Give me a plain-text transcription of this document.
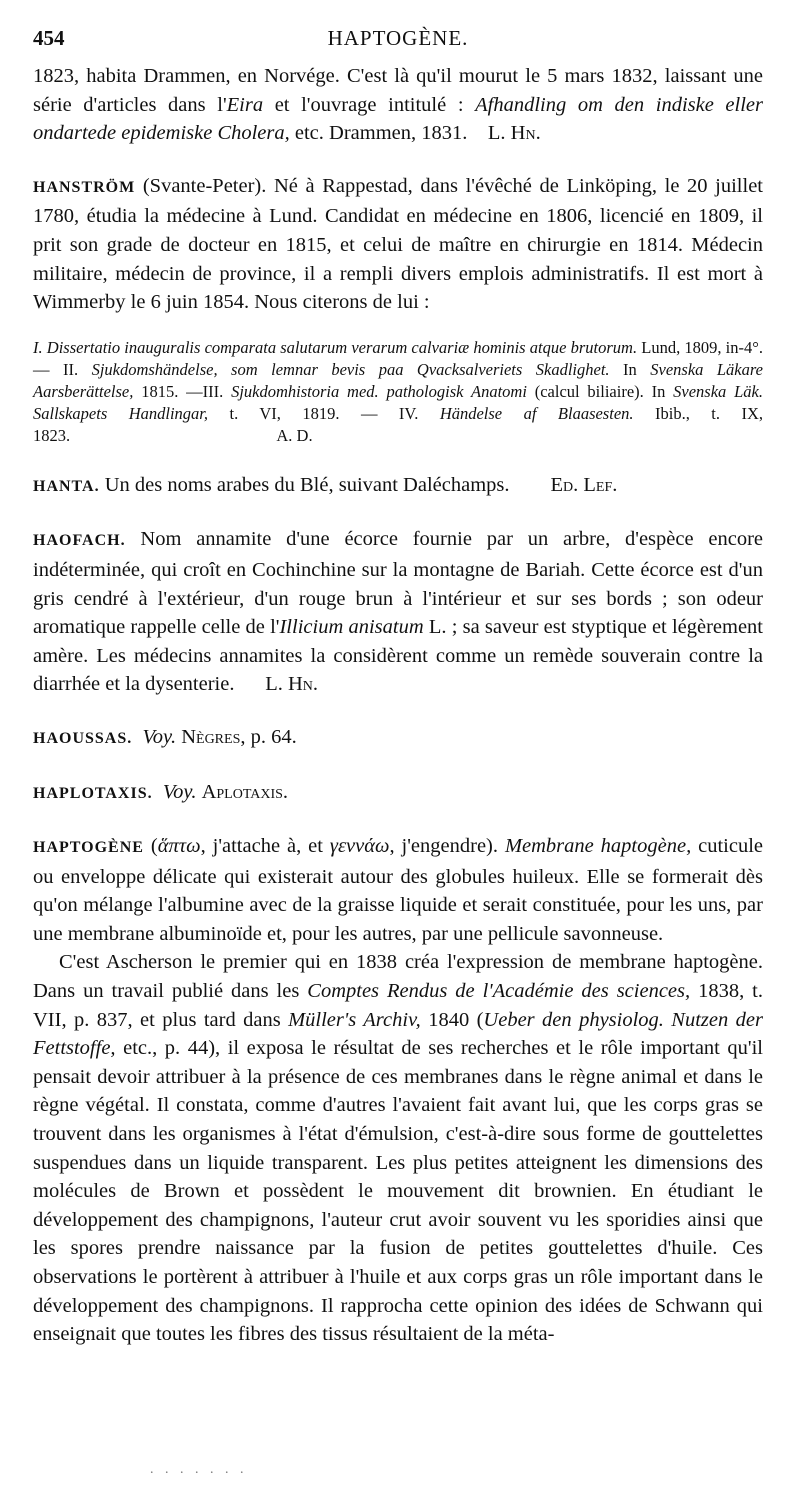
454	HAPTOGÈNE.

1823, habita Drammen, en Norvége. C'est là qu'il mourut le 5 mars 1832, laissant une série d'articles dans l'Eira et l'ouvrage intitulé : Afhandling om den indiske eller ondartede epidemiske Cholera, etc. Drammen, 1831. L. Hn.

HANSTRÖM (Svante-Peter). Né à Rappestad, dans l'évêché de Linköping, le 20 juillet 1780, étudia la médecine à Lund. Candidat en médecine en 1806, licencié en 1809, il prit son grade de docteur en 1815, et celui de maître en chirurgie en 1814. Médecin militaire, médecin de province, il a rempli divers emplois administratifs. Il est mort à Wimmerby le 6 juin 1854. Nous citerons de lui :

I. Dissertatio inauguralis comparata salutarum verarum calvariæ hominis atque brutorum. Lund, 1809, in-4°. — II. Sjukdomshändelse, som lemnar bevis paa Qvacksalveriets Skadlighet. In Svenska Läkare Aarsberättelse, 1815. —III. Sjukdomhistoria med. pathologisk Anatomi (calcul biliaire). In Svenska Läk. Sallskapets Handlingar, t. VI, 1819. — IV. Händelse af Blaasesten. Ibib., t. IX, 1823.	A. D.

HANTA. Un des noms arabes du Blé, suivant Daléchamps. Ed. Lef.

HAOFACH. Nom annamite d'une écorce fournie par un arbre, d'espèce encore indéterminée, qui croît en Cochinchine sur la montagne de Bariah. Cette écorce est d'un gris cendré à l'extérieur, d'un rouge brun à l'intérieur et sur ses bords ; son odeur aromatique rappelle celle de l'Illicium anisatum L. ; sa saveur est styptique et légèrement amère. Les médecins annamites la considèrent comme un remède souverain contre la diarrhée et la dysenterie. L. Hn.

HAOUSSAS. Voy. Nègres, p. 64.

HAPLOTAXIS. Voy. Aplotaxis.

HAPTOGÈNE (ἅπτω, j'attache à, et γεννάω, j'engendre). Membrane haptogène, cuticule ou enveloppe délicate qui existerait autour des globules huileux. Elle se formerait dès qu'on mélange l'albumine avec de la graisse liquide et serait constituée, pour les uns, par une membrane albuminoïde et, pour les autres, par une pellicule savonneuse.

C'est Ascherson le premier qui en 1838 créa l'expression de membrane haptogène. Dans un travail publié dans les Comptes Rendus de l'Académie des sciences, 1838, t. VII, p. 837, et plus tard dans Müller's Archiv, 1840 (Ueber den physiolog. Nutzen der Fettstoffe, etc., p. 44), il exposa le résultat de ses recherches et le rôle important qu'il pensait devoir attribuer à la présence de ces membranes dans le règne animal et dans le règne végétal. Il constata, comme d'autres l'avaient fait avant lui, que les corps gras se trouvent dans les organismes à l'état d'émulsion, c'est-à-dire sous forme de gouttelettes suspendues dans un liquide transparent. Les plus petites atteignent les dimensions des molécules de Brown et possèdent le mouvement dit brownien. En étudiant le développement des champignons, l'auteur crut avoir souvent vu les sporidies ainsi que les spores prendre naissance par la fusion de petites gouttelettes d'huile. Ces observations le portèrent à attribuer à l'huile et aux corps gras un rôle important dans le développement des champignons. Il rapprocha cette opinion des idées de Schwann qui enseignait que toutes les fibres des tissus résultaient de la méta-

. . . . . . .
